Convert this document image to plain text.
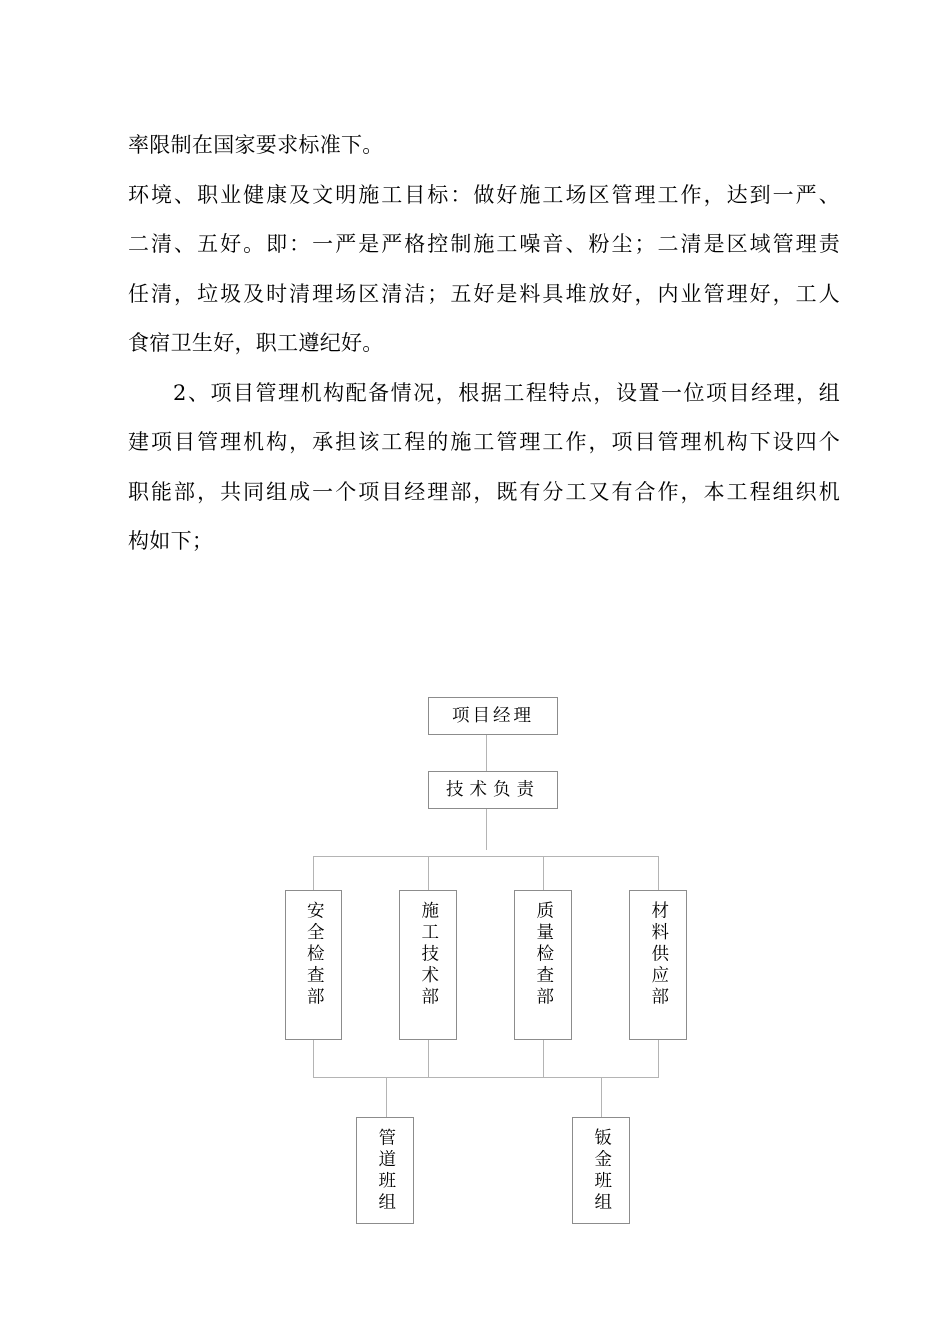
率限制在国家要求标准下。
环境、职业健康及文明施工目标：做好施工场区管理工作，达到一严、
二清、五好。即：一严是严格控制施工噪音、粉尘；二清是区域管理责
任清，垃圾及时清理场区清洁；五好是料具堆放好，内业管理好，工人
食宿卫生好，职工遵纪好。
　　2、项目管理机构配备情况，根据工程特点，设置一位项目经理，组
建项目管理机构，承担该工程的施工管理工作，项目管理机构下设四个
职能部，共同组成一个项目经理部，既有分工又有合作，本工程组织机
构如下；
项目经理
技术负责
安全检查部	施工技术部	质量检查部	材料供应部
管道班组	钣金班组
